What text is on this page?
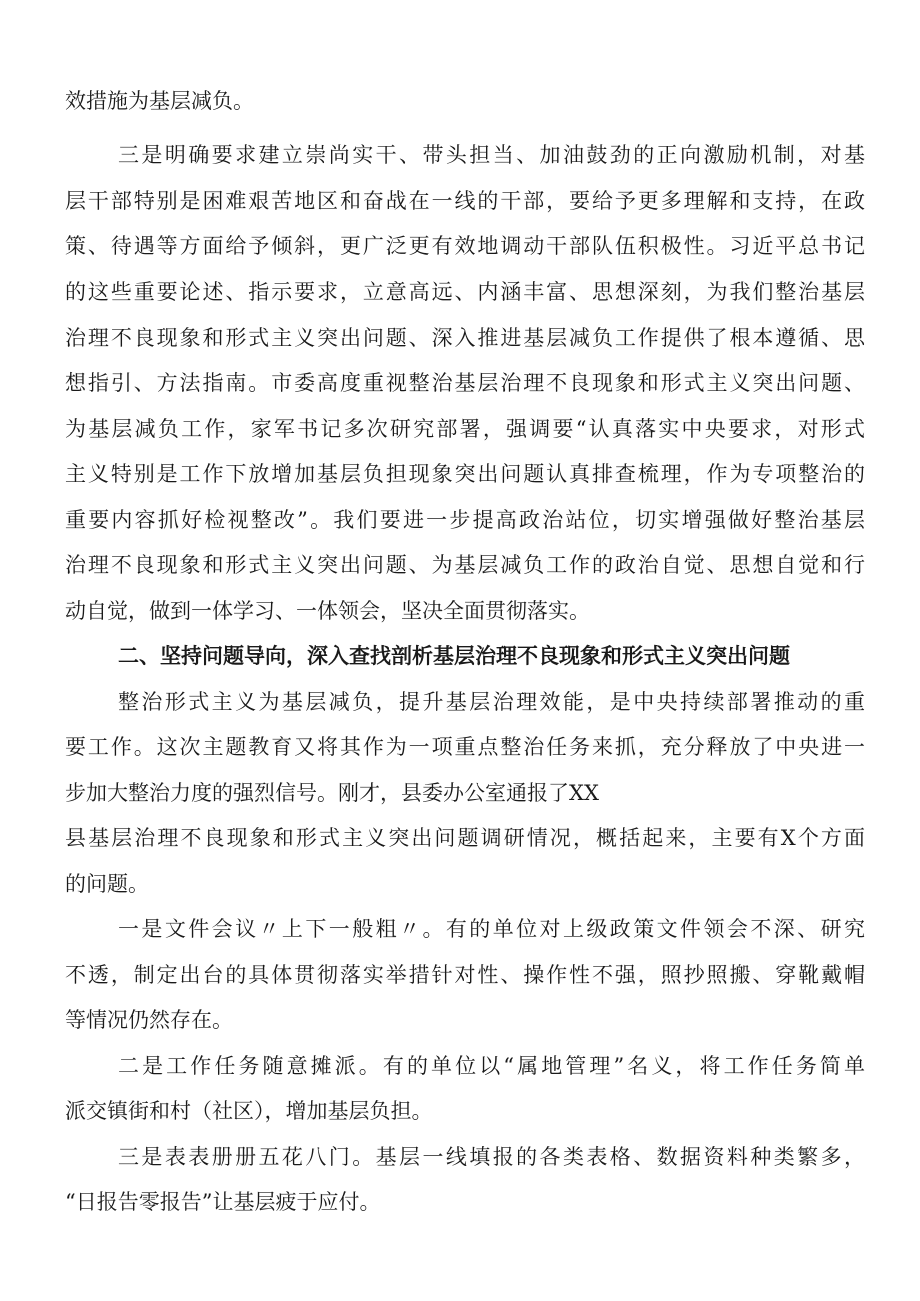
效措施为基层减负。
三是明确要求建立崇尚实干、带头担当、加油鼓劲的正向激励机制，对基
层干部特别是困难艰苦地区和奋战在一线的干部，要给予更多理解和支持，在政
策、待遇等方面给予倾斜，更广泛更有效地调动干部队伍积极性。习近平总书记
的这些重要论述、指示要求，立意高远、内涵丰富、思想深刻，为我们整治基层
治理不良现象和形式主义突出问题、深入推进基层减负工作提供了根本遵循、思
想指引、方法指南。市委高度重视整治基层治理不良现象和形式主义突出问题、
为基层减负工作，家军书记多次研究部署，强调要“认真落实中央要求，对形式
主义特别是工作下放增加基层负担现象突出问题认真排查梳理，作为专项整治的
重要内容抓好检视整改”。我们要进一步提高政治站位，切实增强做好整治基层
治理不良现象和形式主义突出问题、为基层减负工作的政治自觉、思想自觉和行
动自觉，做到一体学习、一体领会，坚决全面贯彻落实。
二、坚持问题导向，深入查找剖析基层治理不良现象和形式主义突出问题
整治形式主义为基层减负，提升基层治理效能，是中央持续部署推动的重
要工作。这次主题教育又将其作为一项重点整治任务来抓，充分释放了中央进一
步加大整治力度的强烈信号。刚才，县委办公室通报了XX
县基层治理不良现象和形式主义突出问题调研情况，概括起来，主要有X个方面
的问题。
一是文件会议〃上下一般粗〃。有的单位对上级政策文件领会不深、研究
不透，制定出台的具体贯彻落实举措针对性、操作性不强，照抄照搬、穿靴戴帽
等情况仍然存在。
二是工作任务随意摊派。有的单位以“属地管理”名义，将工作任务简单
派交镇街和村（社区），增加基层负担。
三是表表册册五花八门。基层一线填报的各类表格、数据资料种类繁多，
“日报告零报告”让基层疲于应付。
